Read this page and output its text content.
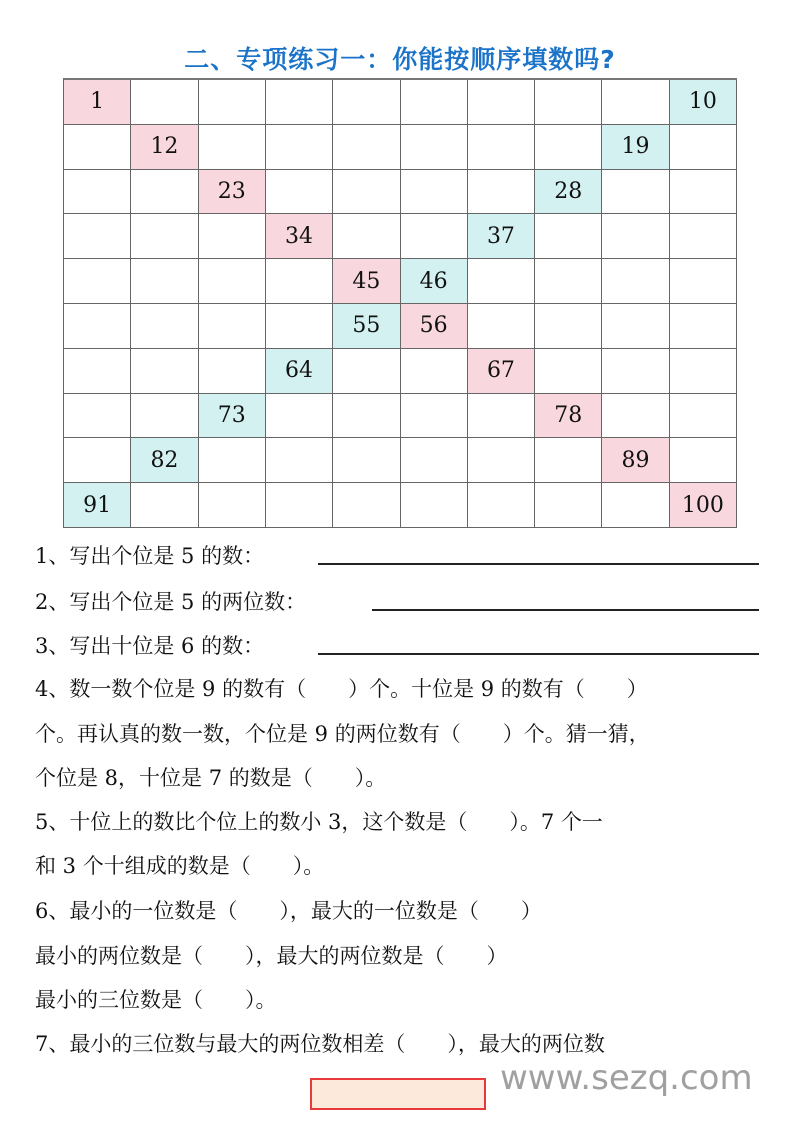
二、专项练习一：你能按顺序填数吗?
1	10
12	19
23	28
34	37
45	46
55	56
64	67
73	78
82	89
91	100
1、写出个位是 5 的数：
2、写出个位是 5 的两位数：
3、写出十位是 6 的数：
4、数一数个位是 9 的数有（　　）个。十位是 9 的数有（　　）
个。再认真的数一数，个位是 9 的两位数有（　　）个。猜一猜，
个位是 8，十位是 7 的数是（　　）。
5、十位上的数比个位上的数小 3，这个数是（　　）。7 个一
和 3 个十组成的数是（　　）。
6、最小的一位数是（　　），最大的一位数是（　　）
最小的两位数是（　　），最大的两位数是（　　）
最小的三位数是（　　）。
7、最小的三位数与最大的两位数相差（　　），最大的两位数
www.sezq.com
